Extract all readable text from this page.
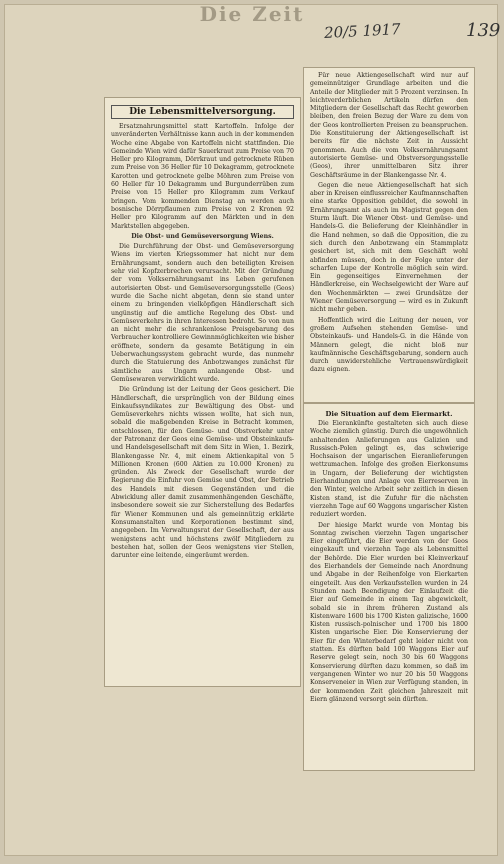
Die Zeit
20/5 1917	139
Die Lebensmittelversorgung.

Ersatznahrungsmittel statt Kartoffeln. Infolge der unveränderten Verhältnisse kann auch in der kommenden Woche eine Abgabe von Kartoffeln nicht stattfinden. Die Gemeinde Wien wird dafür Sauerkraut zum Preise von 70 Heller pro Kilogramm, Dörrkraut und getrocknete Rüben zum Preise von 36 Heller für 10 Dekagramm, getrocknete Karotten und getrocknete gelbe Möhren zum Preise von 60 Heller für 10 Dekagramm und Burgunderrüben zum Preise von 15 Heller pro Kilogramm zum Verkauf bringen. Vom kommenden Dienstag an werden auch bosnische Dörrpflaumen zum Preise von 2 Kronen 92 Heller pro Kilogramm auf den Märkten und in den Marktstellen abgegeben.

Die Obst- und Gemüseversorgung Wiens.

Die Durchführung der Obst- und Gemüseversorgung Wiens im vierten Kriegssommer hat nicht nur dem Ernährungsamt, sondern auch den beteiligten Kreisen sehr viel Kopfzerbrechen verursacht. Mit der Gründung der vom Volksernährungsamt ins Leben gerufenen autorisierten Obst- und Gemüseversorgungsstelle (Geos) wurde die Sache nicht abgetan, denn sie stand unter einem zu bringenden vielköpfigen Händlerschaft sich ungünstig auf die amtliche Regelung des Obst- und Gemüseverkehrs in ihren Interessen bedroht. So von nun an nicht mehr die schrankenlose Preisgebarung des Verbraucher kontrolliere Gewinnmöglichkeiten wie bisher eröffnete, sondern da gesamte Betätigung in ein Ueberwachungssystem gebracht wurde, das nunmehr durch die Statuierung des Anbotzwanges zunächst für sämtliche aus Ungarn anlangende Obst- und Gemüsewaren verwirklicht wurde.

Die Gründung ist der Leitung der Geos gesichert. Die Händlerschaft, die ursprünglich von der Bildung eines Einkaufssyndikates zur Bewältigung des Obst- und Gemüseverkehrs nichts wissen wollte, hat sich nun, sobald die maßgebenden Kreise in Betracht kommen, entschlossen, für den Gemüse- und Obstverkehr unter der Patronanz der Geos eine Gemüse- und Obsteinkaufs- und Handelsgesellschaft mit dem Sitz in Wien, 1. Bezirk, Blankengasse Nr. 4, mit einem Aktienkapital von 5 Millionen Kronen (600 Aktien zu 10.000 Kronen) zu gründen. Als Zweck der Gesellschaft wurde der Regierung die Einfuhr von Gemüse und Obst, der Betrieb des Handels mit diesen Gegenständen und die Abwicklung aller damit zusammenhängenden Geschäfte, insbesondere soweit sie zur Sicherstellung des Bedarfes für Wiener Kommunen und als gemeinnützig erklärte Konsumanstalten und Korporationen bestimmt sind, angegeben. Im Verwaltungsrat der Gesellschaft, der aus wenigstens acht und höchstens zwölf Mitgliedern zu bestehen hat, sollen der Geos wenigstens vier Stellen, darunter eine leitende, eingeräumt werden.

Für neue Aktiengesellschaft wird nur auf gemeinnütziger Grundlage arbeiten und die Anteile der Mitglieder mit 5 Prozent verzinsen. In leichtverderblichen Artikeln dürfen den Mitgliedern der Gesellschaft das Recht geworben bleiben, den freien Bezug der Ware zu dem von der Geos kontrollierten Preisen zu beanspruchen. Die Konstituierung der Aktiengesellschaft ist bereits für die nächste Zeit in Aussicht genommen. Auch die vom Volksernährungsamt autorisierte Gemüse- und Obstversorgungsstelle (Geos), ihrer unmittelbaren Sitz ihrer Geschäftsräume in der Blankengasse Nr. 4.

Gegen die neue Aktiengesellschaft hat sich aber in Kreisen einflussreicher Kaufmannschaften eine starke Opposition gebildet, die sowohl in Ernährungsamt als auch im Magistrat gegen den Sturm läuft. Die Wiener Obst- und Gemüse- und Handels-G. die Belieferung der Kleinhändler in die Hand nehmen, so daß die Opposition, die zu sich durch den Anbotzwang ein Stammplatz gesichert ist, sich mit dem Geschäft wohl abfinden müssen, doch in der Folge unter der scharfen Lupe der Kontrolle möglich sein wird. Ein gegenseitiges Einvernehmen der Händlerkreise, ein Wechselgewicht der Ware auf den Wochenmärkten — zwei Grundsätze der Wiener Gemüseversorgung — wird es in Zukunft nicht mehr geben.

Hoffentlich wird die Leitung der neuen, vor großem Aufsehen stehenden Gemüse- und Obsteinkaufs- und Handels-G. in die Hände von Männern gelegt, die nicht bloß nur kaufmännische Geschäftsgebarung, sondern auch durch unwiderstehliche Vertrauenswürdigkeit dazu eignen.

Die Situation auf dem Eiermarkt.

Die Eierankünfte gestalteten sich auch diese Woche ziemlich günstig. Durch die ungewöhnlich anhaltenden Anlieferungen aus Galizien und Russisch-Polen gelingt es, das schwierige Hochsaison der ungarischen Eieranlieferungen wettzumachen. Infolge des großen Eierkonsums in Ungarn, der Belieferung der wichtigsten Eierhandlungen und Anlage von Eierreserven in den Winter, welche Arbeit sehr zeitlich in diesen Kisten stand, ist die Zufuhr für die nächsten vierzehn Tage auf 60 Waggons ungarischer Kisten reduziert worden.

Der hiesige Markt wurde von Montag bis Sonntag zwischen vierzehn Tagen ungarischer Eier eingeführt, die Eier werden von der Geos eingekauft und vierzehn Tage als Lebensmittel der Behörde. Die Eier wurden bei Kleinverkauf des Eierhandels der Gemeinde nach Anordnung und Abgabe in der Reihenfolge von Eierkarten eingeteilt. Aus den Verkaufsstellen wurden in 24 Stunden nach Beendigung der Einlaufzeit die Eier auf Gemeinde in einem Tag abgewickelt, sobald sie in ihrem früheren Zustand als Kistenware 1600 bis 1700 Kisten galizische, 1600 Kisten russisch-polnischer und 1700 bis 1800 Kisten ungarische Eier. Die Konservierung der Eier für den Winterbedarf geht leider nicht von statten. Es dürften bald 100 Waggons Eier auf Reserve gelegt sein, noch 30 bis 60 Waggons Konservierung dürften dazu kommen, so daß im vergangenen Winter wo nur 20 bis 50 Waggons Konserveneier in Wien zur Verfügung standen, in der kommenden Zeit gleichen Jahreszeit mit Eiern glänzend versorgt sein dürften.
